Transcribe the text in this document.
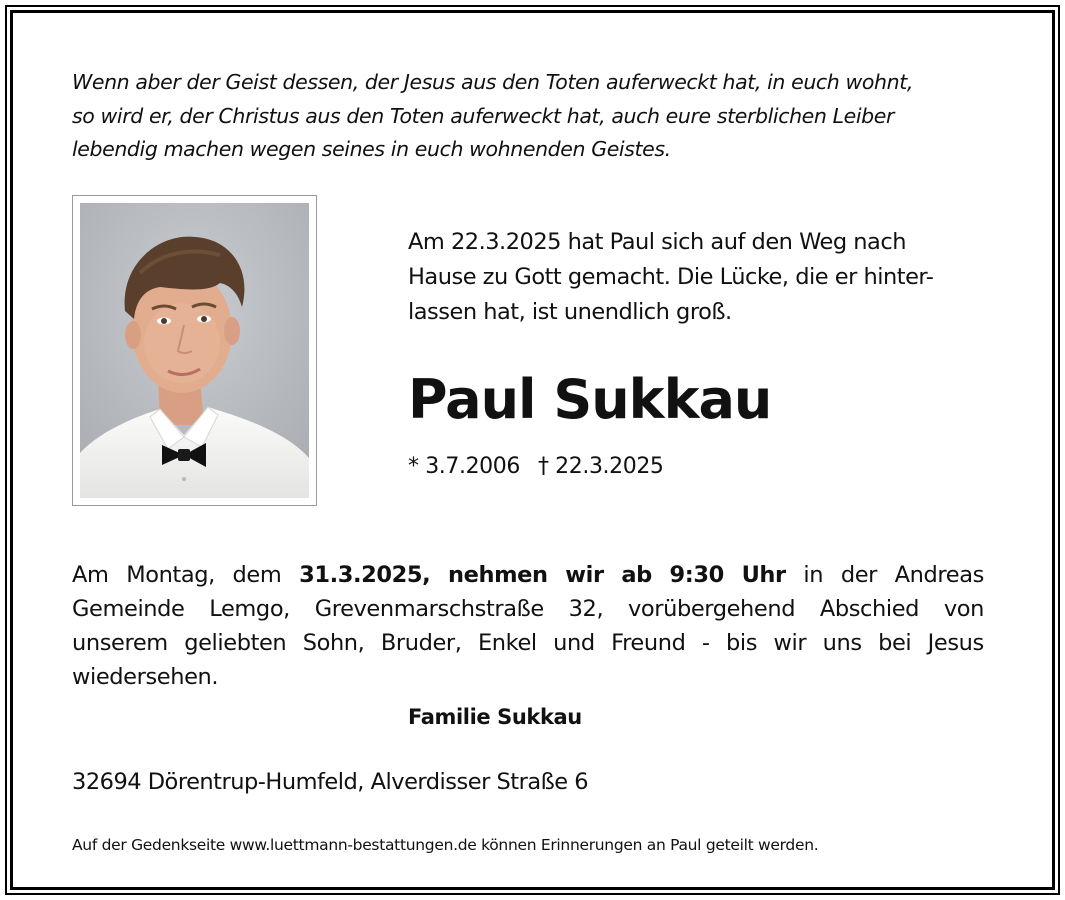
Wenn aber der Geist dessen, der Jesus aus den Toten auferweckt hat, in euch wohnt,

so wird er, der Christus aus den Toten auferweckt hat, auch eure sterblichen Leiber

lebendig machen wegen seines in euch wohnenden Geistes.

Am 22.3.2025 hat Paul sich auf den Weg nach

Hause zu Gott gemacht. Die Lücke, die er hinter-

lassen hat, ist unendlich groß.

Paul Sukkau
* 3.7.2006 † 22.3.2025
Am Montag, dem 31.3.2025, nehmen wir ab 9:30 Uhr in der Andreas
Gemeinde Lemgo, Grevenmarschstraße 32, vorübergehend Abschied von
unserem geliebten Sohn, Bruder, Enkel und Freund - bis wir uns bei Jesus
wiedersehen.
Familie Sukkau
32694 Dörentrup-Humfeld, Alverdisser Straße 6
Auf der Gedenkseite www.luettmann-bestattungen.de können Erinnerungen an Paul geteilt werden.
